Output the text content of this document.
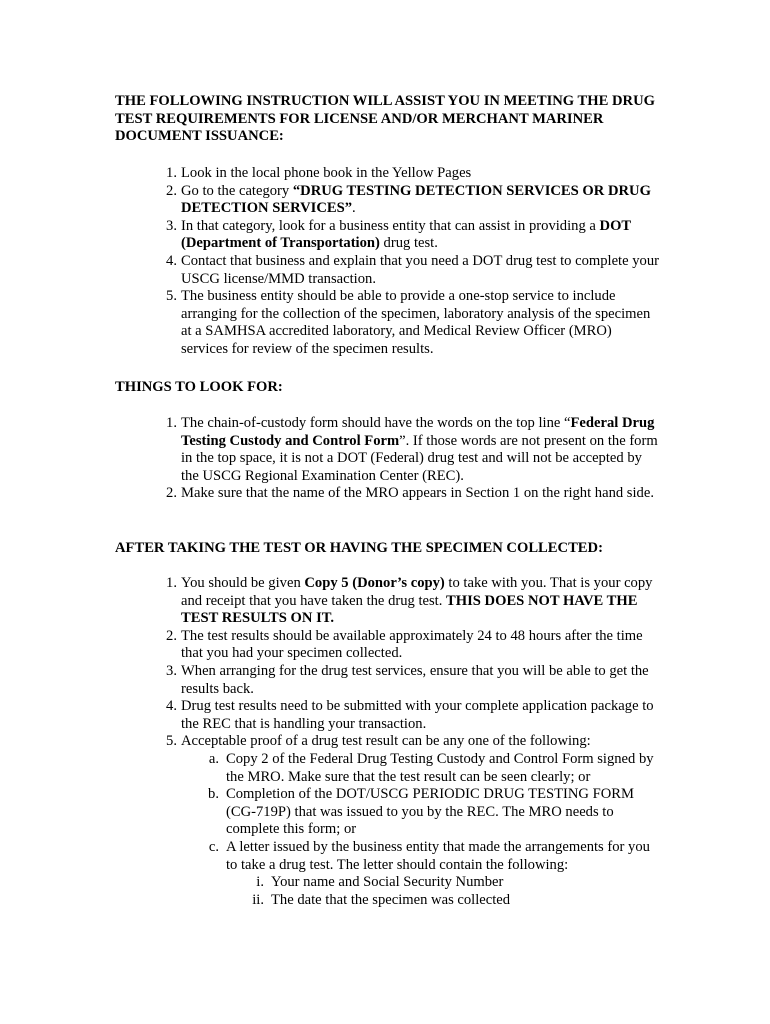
THE FOLLOWING INSTRUCTION WILL ASSIST YOU IN MEETING THE DRUG TEST REQUIREMENTS FOR LICENSE AND/OR MERCHANT MARINER DOCUMENT ISSUANCE:
1. Look in the local phone book in the Yellow Pages
2. Go to the category “DRUG TESTING DETECTION SERVICES OR DRUG DETECTION SERVICES”.
3. In that category, look for a business entity that can assist in providing a DOT (Department of Transportation) drug test.
4. Contact that business and explain that you need a DOT drug test to complete your USCG license/MMD transaction.
5. The business entity should be able to provide a one-stop service to include arranging for the collection of the specimen, laboratory analysis of the specimen at a SAMHSA accredited laboratory, and Medical Review Officer (MRO) services for review of the specimen results.
THINGS TO LOOK FOR:
1. The chain-of-custody form should have the words on the top line “Federal Drug Testing Custody and Control Form”. If those words are not present on the form in the top space, it is not a DOT (Federal) drug test and will not be accepted by the USCG Regional Examination Center (REC).
2. Make sure that the name of the MRO appears in Section 1 on the right hand side.
AFTER TAKING THE TEST OR HAVING THE SPECIMEN COLLECTED:
1. You should be given Copy 5 (Donor’s copy) to take with you. That is your copy and receipt that you have taken the drug test. THIS DOES NOT HAVE THE TEST RESULTS ON IT.
2. The test results should be available approximately 24 to 48 hours after the time that you had your specimen collected.
3. When arranging for the drug test services, ensure that you will be able to get the results back.
4. Drug test results need to be submitted with your complete application package to the REC that is handling your transaction.
5. Acceptable proof of a drug test result can be any one of the following:
a. Copy 2 of the Federal Drug Testing Custody and Control Form signed by the MRO. Make sure that the test result can be seen clearly; or
b. Completion of the DOT/USCG PERIODIC DRUG TESTING FORM (CG-719P) that was issued to you by the REC. The MRO needs to complete this form; or
c. A letter issued by the business entity that made the arrangements for you to take a drug test. The letter should contain the following:
i. Your name and Social Security Number
ii. The date that the specimen was collected
